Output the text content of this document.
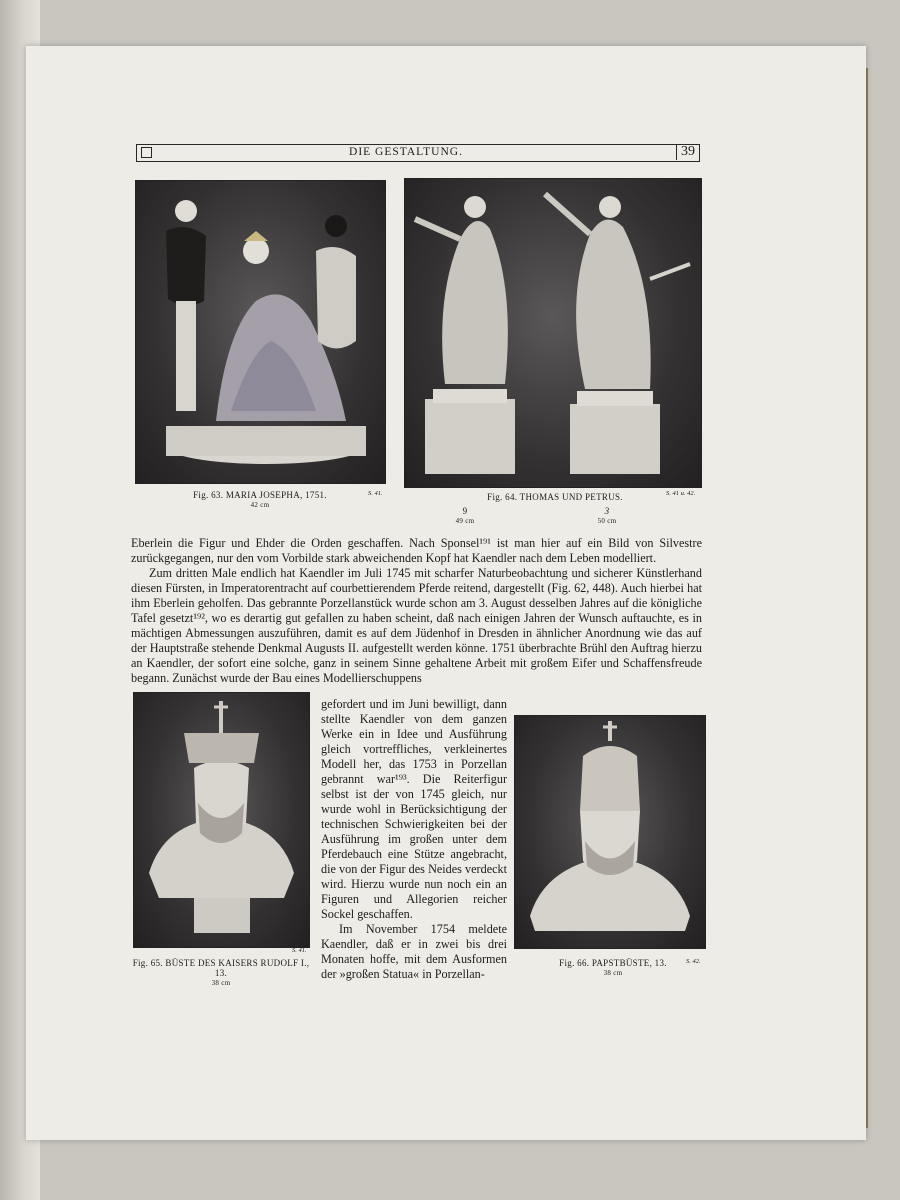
DIE GESTALTUNG.	39
Fig. 63. MARIA JOSEPHA, 1751.
42 cm
S. 41.	Fig. 64. THOMAS UND PETRUS.
9
49 cm
3
50 cm
S. 41 u. 42.

Eberlein die Figur und Ehder die Orden geschaffen. Nach Sponsel¹⁹¹ ist man hier auf ein Bild von Silvestre zurückgegangen, nur den vom Vorbilde stark abweichenden Kopf hat Kaendler nach dem Leben modelliert.

Zum dritten Male endlich hat Kaendler im Juli 1745 mit scharfer Naturbeobachtung und sicherer Künstlerhand diesen Fürsten, in Imperatorentracht auf courbettierendem Pferde reitend, dargestellt (Fig. 62, 448). Auch hierbei hat ihm Eberlein geholfen. Das gebrannte Porzellanstück wurde schon am 3. August desselben Jahres auf die königliche Tafel gesetzt¹⁹², wo es derartig gut gefallen zu haben scheint, daß nach einigen Jahren der Wunsch auftauchte, es in mächtigen Abmessungen auszuführen, damit es auf dem Jüdenhof in Dresden in ähnlicher Anordnung wie das auf der Hauptstraße stehende Denkmal Augusts II. aufgestellt werden könne. 1751 überbrachte Brühl den Auftrag hierzu an Kaendler, der sofort eine solche, ganz in seinem Sinne gehaltene Arbeit mit großem Eifer und Schaffensfreude begann. Zunächst wurde der Bau eines Modellierschuppens

Fig. 65. BÜSTE DES KAISERS RUDOLF I., 13.
38 cm
S. 41.

gefordert und im Juni bewilligt, dann stellte Kaendler von dem ganzen Werke ein in Idee und Ausführung gleich vortreffliches, verkleinertes Modell her, das 1753 in Porzellan gebrannt war¹⁹³. Die Reiterfigur selbst ist der von 1745 gleich, nur wurde wohl in Berücksichtigung der technischen Schwierigkeiten bei der Ausführung im großen unter dem Pferdebauch eine Stütze angebracht, die von der Figur des Neides verdeckt wird. Hierzu wurde nun noch ein an Figuren und Allegorien reicher Sockel geschaffen.

Im November 1754 meldete Kaendler, daß er in zwei bis drei Monaten hoffe, mit dem Ausformen der »großen Statua« in Porzellan-

Fig. 66. PAPSTBÜSTE, 13.
38 cm
S. 42.
